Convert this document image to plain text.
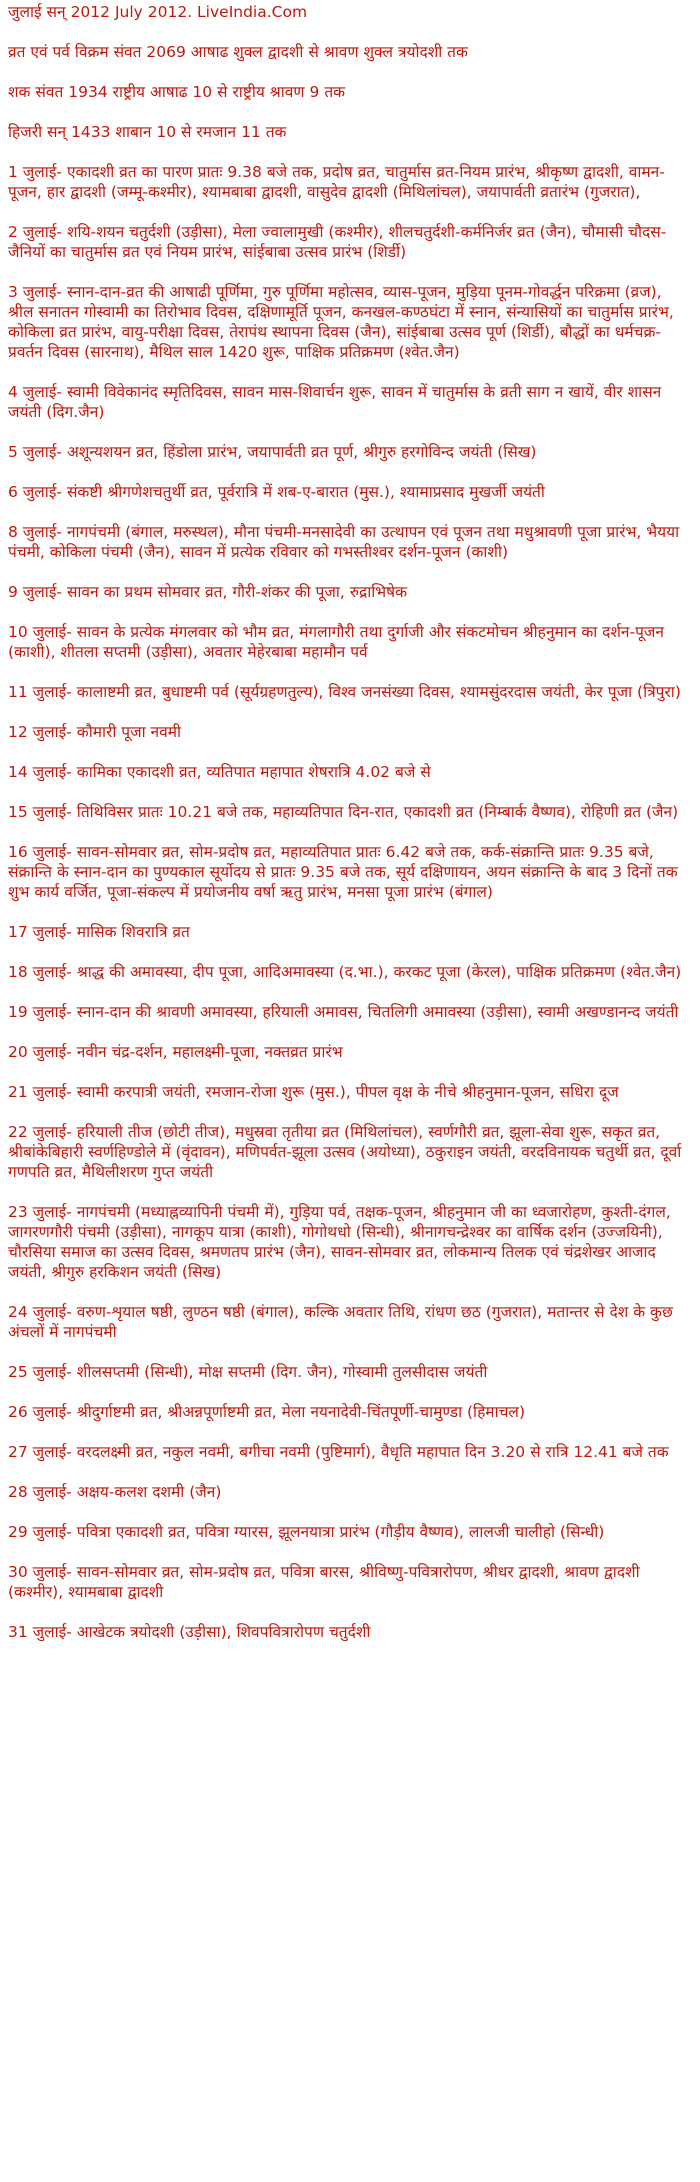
जुलाई सन्‌ 2012 July 2012. LiveIndia.Com
व्रत एवं पर्व विक्रम संवत 2069 आषाढ शुक्ल द्वादशी से श्रावण शुक्ल त्रयोदशी तक
शक संवत 1934 राष्ट्रीय आषाढ 10 से राष्ट्रीय श्रावण 9 तक
हिजरी सन्‌ 1433 शाबान 10 से रमजान 11 तक
1 जुलाई- एकादशी व्रत का पारण प्रातः 9.38 बजे तक, प्रदोष व्रत, चातुर्मास व्रत-नियम प्रारंभ, श्रीकृष्ण द्वादशी, वामन-पूजन, हार द्वादशी (जम्मू-कश्मीर), श्यामबाबा द्वादशी, वासुदेव द्वादशी (मिथिलांचल), जयापार्वती व्रतारंभ (गुजरात),
2 जुलाई- शयि-शयन चतुर्दशी (उड़ीसा), मेला ज्वालामुखी (कश्मीर), शीलचतुर्दशी-कर्मनिर्जर व्रत (जैन), चौमासी चौदस-जैनियों का चातुर्मास व्रत एवं नियम प्रारंभ, सांईबाबा उत्सव प्रारंभ (शिर्डी)
3 जुलाई- स्नान-दान-व्रत की आषाढी पूर्णिमा, गुरु पूर्णिमा महोत्सव, व्यास-पूजन, मुड़िया पूनम-गोवर्द्धन परिक्रमा (व्रज), श्रील सनातन गोस्वामी का तिरोभाव दिवस, दक्षिणामूर्ति पूजन, कनखल-कण्ठघंटा में स्नान, संन्यासियों का चातुर्मास प्रारंभ, कोकिला व्रत प्रारंभ, वायु-परीक्षा दिवस, तेरापंथ स्थापना दिवस (जैन), सांईबाबा उत्सव पूर्ण (शिर्डी), बौद्धों का धर्मचक्र-प्रवर्तन दिवस (सारनाथ), मैथिल साल 1420 शुरू, पाक्षिक प्रतिक्रमण (श्वेत.जैन)
4 जुलाई- स्वामी विवेकानंद स्मृतिदिवस, सावन मास-शिवार्चन शुरू, सावन में चातुर्मास के व्रती साग न खायें, वीर शासन जयंती (दिग.जैन)
5 जुलाई- अशून्यशयन व्रत, हिंडोला प्रारंभ, जयापार्वती व्रत पूर्ण, श्रीगुरु हरगोविन्द जयंती (सिख)
6 जुलाई- संकष्टी श्रीगणेशचतुर्थी व्रत, पूर्वरात्रि में शब-ए-बारात (मुस.), श्यामाप्रसाद मुखर्जी जयंती
8 जुलाई- नागपंचमी (बंगाल, मरुस्थल), मौना पंचमी-मनसादेवी का उत्थापन एवं पूजन तथा मधुश्रावणी पूजा प्रारंभ, भैयया पंचमी, कोकिला पंचमी (जैन), सावन में प्रत्येक रविवार को गभस्तीश्वर दर्शन-पूजन (काशी)
9 जुलाई- सावन का प्रथम सोमवार व्रत, गौरी-शंकर की पूजा, रुद्राभिषेक
10 जुलाई- सावन के प्रत्येक मंगलवार को भौम व्रत, मंगलागौरी तथा दुर्गाजी और संकटमोचन श्रीहनुमान का दर्शन-पूजन (काशी), शीतला सप्तमी (उड़ीसा), अवतार मेहेरबाबा महामौन पर्व
11 जुलाई- कालाष्टमी व्रत, बुधाष्टमी पर्व (सूर्यग्रहणतुल्य), विश्व जनसंख्या दिवस, श्यामसुंदरदास जयंती, केर पूजा (त्रिपुरा)
12 जुलाई- कौमारी पूजा नवमी
14 जुलाई- कामिका एकादशी व्रत, व्यतिपात महापात शेषरात्रि 4.02 बजे से
15 जुलाई- तिथिविसर प्रातः 10.21 बजे तक, महाव्यतिपात दिन-रात, एकादशी व्रत (निम्बार्क वैष्णव), रोहिणी व्रत (जैन)
16 जुलाई- सावन-सोमवार व्रत, सोम-प्रदोष व्रत, महाव्यतिपात प्रातः 6.42 बजे तक, कर्क-संक्रान्ति प्रातः 9.35 बजे, संक्रान्ति के स्नान-दान का पुण्यकाल सूर्योदय से प्रातः 9.35 बजे तक, सूर्य दक्षिणायन, अयन संक्रान्ति के बाद 3 दिनों तक शुभ कार्य वर्जित, पूजा-संकल्प में प्रयोजनीय वर्षा ऋतु प्रारंभ, मनसा पूजा प्रारंभ (बंगाल)
17 जुलाई- मासिक शिवरात्रि व्रत
18 जुलाई- श्राद्ध की अमावस्या, दीप पूजा, आदिअमावस्या (द.भा.), करकट पूजा (केरल), पाक्षिक प्रतिक्रमण (श्वेत.जैन)
19 जुलाई- स्नान-दान की श्रावणी अमावस्या, हरियाली अमावस, चितलिगी अमावस्या (उड़ीसा), स्वामी अखण्डानन्द जयंती
20 जुलाई- नवीन चंद्र-दर्शन, महालक्ष्मी-पूजा, नक्तव्रत प्रारंभ
21 जुलाई- स्वामी करपात्री जयंती, रमजान-रोजा शुरू (मुस.), पीपल वृक्ष के नीचे श्रीहनुमान-पूजन, सधिरा दूज
22 जुलाई- हरियाली तीज (छोटी तीज), मधुस्रवा तृतीया व्रत (मिथिलांचल), स्वर्णगौरी व्रत, झूला-सेवा शुरू, सकृत व्रत, श्रीबांकेबिहारी स्वर्णहिण्डोले में (वृंदावन), मणिपर्वत-झूला उत्सव (अयोध्या), ठकुराइन जयंती, वरदविनायक चतुर्थी व्रत, दूर्वा गणपति व्रत, मैथिलीशरण गुप्त जयंती
23 जुलाई- नागपंचमी (मध्याह्नव्यापिनी पंचमी में), गुड़िया पर्व, तक्षक-पूजन, श्रीहनुमान जी का ध्वजारोहण, कुश्ती-दंगल, जागरणगौरी पंचमी (उड़ीसा), नागकूप यात्रा (काशी), गोगोथधो (सिन्धी), श्रीनागचन्द्रेश्वर का वार्षिक दर्शन (उज्जयिनी), चौरसिया समाज का उत्सव दिवस, श्रमणतप प्रारंभ (जैन), सावन-सोमवार व्रत, लोकमान्य तिलक एवं चंद्रशेखर आजाद जयंती, श्रीगुरु हरकिशन जयंती (सिख)
24 जुलाई- वरुण-शृयाल षष्ठी, लुण्ठन षष्ठी (बंगाल), कल्कि अवतार तिथि, रांधण छठ (गुजरात), मतान्तर से देश के कुछ अंचलों में नागपंचमी
25 जुलाई- शीलसप्तमी (सिन्धी), मोक्ष सप्तमी (दिग. जैन), गोस्वामी तुलसीदास जयंती
26 जुलाई- श्रीदुर्गाष्टमी व्रत, श्रीअन्नपूर्णाष्टमी व्रत, मेला नयनादेवी-चिंतपूर्णी-चामुण्डा (हिमाचल)
27 जुलाई- वरदलक्ष्मी व्रत, नकुल नवमी, बगीचा नवमी (पुष्टिमार्ग), वैधृति महापात दिन 3.20 से रात्रि 12.41 बजे तक
28 जुलाई- अक्षय-कलश दशमी (जैन)
29 जुलाई- पवित्रा एकादशी व्रत, पवित्रा ग्यारस, झूलनयात्रा प्रारंभ (गौड़ीय वैष्णव), लालजी चालीहो (सिन्धी)
30 जुलाई- सावन-सोमवार व्रत, सोम-प्रदोष व्रत, पवित्रा बारस, श्रीविष्णु-पवित्रारोपण, श्रीधर द्वादशी, श्रावण द्वादशी (कश्मीर), श्यामबाबा द्वादशी
31 जुलाई- आखेटक त्रयोदशी (उड़ीसा), शिवपवित्रारोपण चतुर्दशी
